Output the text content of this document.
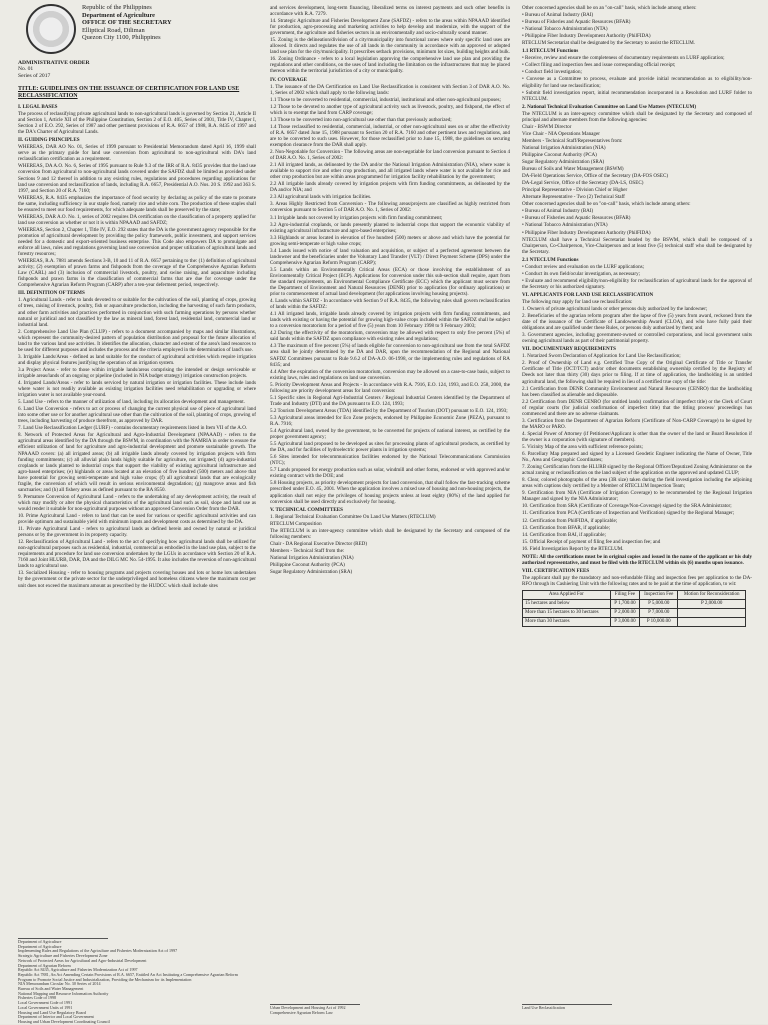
Republic of the Philippines
Department of Agriculture
OFFICE OF THE SECRETARY
Elliptical Road, Diliman
Quezon City 1100, Philippines
ADMINISTRATIVE ORDER
No. 01
Series of 2017
TITLE: GUIDELINES ON THE ISSUANCE OF CERTIFICATION FOR LAND USE RECLASSIFICATION
I. LEGAL BASES

The process of reclassifying private agricultural lands to non-agricultural lands is governed by Section 21, Article II and Section 1, Article XII of the Philippine Constitution, Section 2 of E.O. 405, Series of 2001, Title IV, Chapter I, Section 2 of E.O. 292, Series of 1987 and other pertinent provisions of R.A. 6657 of 1988, R.A. 8435 of 1997 and the DA's Charter of Agricultural Lands.

II. GUIDING PRINCIPLES

WHEREAS, DAR AO No. 01, Series of 1999 pursuant to Presidential Memorandum dated April 16, 1999 shall serve as the primary guide for land use conversion from agricultural to non-agricultural with DA's land reclassification certification as a requirement.

WHEREAS, DA A.O. No. 6, Series of 1995 pursuant to Rule 9.3 of the IRR of R.A. 8435 provides that the land use conversion from agricultural to non-agricultural lands covered under the SAFDZ shall be limited as provided under Sections 9 and 12 thereof in addition to any existing rules, regulations and procedures regarding applications for land use conversion and reclassification of lands, including R.A. 6657, Presidential A.O. Nos. 20 S. 1992 and 363 S. 1997, and Section 20 of R.A. 7160;

WHEREAS, R.A. 8435 emphasizes the importance of food security by declaring as policy of the state to promote the same, including sufficiency in our staple food, namely rice and white corn. The production of these staples shall be ensured to meet our food requirements, for which adequate lands shall be preserved by the state;

WHEREAS, DAR A.O. No. 1, series of 2002 requires DA certification on the classification of a property applied for land use conversion as whether or not it is within NPAAAD and SAFDZ;

WHEREAS, Section 2, Chapter 1, Title IV, E.O. 292 states that the DA is the government agency responsible for the promotion of agricultural development by providing the policy framework, public investment, and support services needed for a domestic and export-oriented business enterprise. This Code also empowers DA to promulgate and enforce all laws, rules and regulations governing land use conversion and proper utilization of agricultural lands and forestry resources;

WHEREAS, R.A. 7881 amends Sections 3-B, 10 and 11 of R.A. 6657 pertaining to the: (1) definition of agricultural activity; (2) exemption of prawn farms and fishponds from the coverage of the Comprehensive Agrarian Reform Law (CARL) and (3) inclusion of commercial livestock, poultry, and swine raising, and aquaculture including fishponds and prawn farms in the classification of commercial farms that are due for coverage under the Comprehensive Agrarian Reform Program (CARP) after a ten-year deferment period, respectively.

III. DEFINITION OF TERMS

1. Agricultural Lands - refer to lands devoted to or suitable for the cultivation of the soil, planting of crops, growing of trees, raising of livestock, poultry, fish or aquaculture production, including the harvesting of such farm products, and other farm activities and practices performed in conjunction with such farming operations by persons whether natural or juridical and not classified by the law as mineral land, forest land, residential land, commercial land or industrial land.

2. Comprehensive Land Use Plan (CLUP) - refers to a document accompanied by maps and similar illustrations, which represent the community-desired pattern of population distribution and proposal for the future allocation of land to the various land use activities. It identifies the allocation, character and extent of the area's land resources to be used for different purposes and includes the process and the criteria employed in the determination of land's use.

3. Irrigable Lands/Areas - defined as land suitable for the conduct of agricultural activities which require irrigation and display physical features justifying the operation of an irrigation system.

3.a Project Areas - refer to those within irrigable lands/areas comprising the intended or design serviceable or irrigable areas/lands of an ongoing or pipeline (included in NIA budget strategy) irrigation construction projects.

4. Irrigated Lands/Areas - refer to lands serviced by natural irrigation or irrigation facilities. These include lands where water is not readily available as existing irrigation facilities need rehabilitation or upgrading or where irrigation water is not available year-round.

5. Land Use - refers to the manner of utilization of land, including its allocation development and management.

6. Land Use Conversion - refers to act or process of changing the current physical use of piece of agricultural land into some other use or for another agricultural use other than the cultivation of the soil, planting of crops, growing of trees, including harvesting of produce therefrom, as approved by DAR.

7. Land Use Reclassification Ledger (LURF) - contains documentary requirements listed in Item VII of the A.O.

8. Network of Protected Areas for Agricultural and Agro-Industrial Development (NPAAAD) - refers to the agricultural areas identified by the DA through the BSWM, in coordination with the NAMRIA in order to ensure the efficient utilization of land for agriculture and agro-industrial development and promote sustainable growth. The NPAAAD covers: (a) all irrigated areas; (b) all irrigable lands already covered by irrigation projects with firm funding commitments; (c) all alluvial plain lands highly suitable for agriculture, not irrigated; (d) agro-industrial croplands or lands planted to industrial crops that support the viability of existing agricultural infrastructure and agro-based enterprises; (e) highlands or areas located at an elevation of five hundred (500) meters and above that have potential for growing semi-temperate and high value crops; (f) all agricultural lands that are ecologically fragile, the conversion of which will result in serious environmental degradation; (g) mangrove areas and fish sanctuaries; and (h) all fishery areas as defined pursuant to the RA 8550.

9. Premature Conversion of Agricultural Land - refers to the undertaking of any development activity, the result of which may modify or alter the physical characteristics of the agricultural land such as soil, slope and land use as would render it suitable for non-agricultural purposes without an approved Conversion Order from the DAR.

10. Prime Agricultural Land - refers to land that can be used for various or specific agricultural activities and can provide optimum and sustainable yield with minimum inputs and development costs as determined by the DA.

11. Private Agricultural Land - refers to agricultural lands as defined herein and owned by natural or juridical persons or by the government in its property capacity.

12. Reclassification of Agricultural Land - refers to the act of specifying how agricultural lands shall be utilized for non-agricultural purposes such as residential, industrial, commercial as embodied in the land use plan, subject to the requirements and procedure for land use conversion undertaken by the LGUs in accordance with Section 20 of R.A. 7160 and Joint HLURB, DAR, DA and the DILG MC No. 54-1995. It also includes the reversion of non-agricultural lands to agricultural use.

13. Socialized Housing - refer to housing programs and projects covering houses and lots or home lots undertaken by the government or the private sector for the underprivileged and homeless citizens where the maximum cost per unit does not exceed the maximum amount as prescribed by the HUDCC which shall include sites

and services development, long-term financing, liberalized terms on interest payments and such other benefits in accordance with R.A. 7279.

14. Strategic Agriculture and Fisheries Development Zone (SAFDZ) - refers to the areas within NPAAAD identified for production, agro-processing and marketing activities to help develop and modernize, with the support of the government, the agriculture and fisheries sectors in an environmentally and socio-culturally sound manner.

15. Zoning is the delineation/division of a city/municipality into functional zones where only specific land uses are allowed. It directs and regulates the use of all lands in the community in accordance with an approved or adopted land use plan for the city/municipality. It prescribes setback provisions, minimum lot sizes, building heights and bulk.

16. Zoning Ordinance - refers to a local legislation approving the comprehensive land use plan and providing the regulations and other conditions, on the uses of land including the limitation on the infrastructures that may be placed thereon within the territorial jurisdiction of a city or municipality.

IV. COVERAGE

1. The issuance of the DA Certification on Land Use Reclassification is consistent with Section 3 of DAR A.O. No. 1, Series of 2002 which shall apply to the following lands:

1.1 Those to be converted to residential, commercial, industrial, institutional and other non-agricultural purposes;

1.2 Those to be devoted to another type of agricultural activity such as livestock, poultry, and fishpond, the effect of which is to exempt the land from CARP coverage;

1.3 Those to be converted into non-agricultural use other than that previously authorized;

1.4 Those reclassified to residential, commercial, industrial, or other non-agricultural uses on or after the effectivity of R.A. 6657 dated June 15, 1988 pursuant to Section 20 of R.A. 7160 and other pertinent laws and regulations, and are to be converted to such uses. However, for those reclassified prior to June 15, 1988, the guidelines on securing exemption clearance from the DAR shall apply.

2. Non-Negotiable for Conversion - The following areas are non-negotiable for land conversion pursuant to Section 4 of DAR A.O. No. 1, Series of 2002:

2.1 All irrigated lands, as delineated by the DA and/or the National Irrigation Administration (NIA), where water is available to support rice and other crop production, and all irrigated lands where water is not available for rice and other crop production but are within areas programmed for irrigation facility rehabilitation by the government;

2.2 All irrigable lands already covered by irrigation projects with firm funding commitments, as delineated by the DA and/or NIA; and

2.3 All agricultural lands with irrigation facilities.

3. Areas Highly Restricted from Conversion - The following areas/projects are classified as highly restricted from conversion pursuant to Section 5 of DAR A.O. No. 1, Series of 2002:

3.1 Irrigable lands not covered by irrigation projects with firm funding commitment;

3.2 Agro-industrial croplands, or lands presently planted to industrial crops that support the economic viability of existing agricultural infrastructure and agro-based enterprises;

3.3 Highlands or areas located in elevation of five hundred (500) meters or above and which have the potential for growing semi-temperate or high value crops;

3.4 Lands issued with notice of land valuation and acquisition, or subject of a perfected agreement between the landowner and the beneficiaries under the Voluntary Land Transfer (VLT) / Direct Payment Scheme (DPS) under the Comprehensive Agrarian Reform Program (CARP);

3.5 Lands within an Environmentally Critical Areas (ECA) or those involving the establishment of an Environmentally Critical Project (ECP). Applications for conversion under this sub-section shall require, apart from the standard requirements, an Environmental Compliance Certificate (ECC) which the applicant must secure from the Department of Environment and Natural Resources (DENR) prior to application (for ordinary applications) or prior to commencement of actual land development (for applications involving housing projects).

4. Lands within SAFDZ - In accordance with Section 9 of R.A. 8435, the following rules shall govern reclassification of lands within the SAFDZ:

4.1 All irrigated lands, irrigable lands already covered by irrigation projects with firm funding commitments, and lands with existing or having the potential for growing high-value crops included within the SAFDZ shall be subject to a conversion moratorium for a period of five (5) years from 10 February 1998 to 9 February 2003;

4.2 During the effectivity of the moratorium, conversion may be allowed with respect to only five percent (5%) of said lands within the SAFDZ upon compliance with existing rules and regulations;

4.3 The maximum of five percent (5%) of lands eligible for conversion to non-agricultural use from the total SAFDZ area shall be jointly determined by the DA and DAR, upon the recommendation of the Regional and National SAFDZ Committees pursuant to Rule 9.6.2 of DA-A.O. 06-1998, or the implementing rules and regulations of RA 8435; and

4.4 After the expiration of the conversion moratorium, conversion may be allowed on a case-to-case basis, subject to existing laws, rules and regulations on land use conversion.

5. Priority Development Areas and Projects - In accordance with R.A. 7916, E.O. 124, 1993, and E.O. 258, 2000, the following are priority development areas for land conversion:

5.1 Specific sites in Regional Agri-Industrial Centers / Regional Industrial Centers identified by the Department of Trade and Industry (DTI) and the DA pursuant to E.O. 124, 1993;

5.2 Tourism Development Areas (TDA) identified by the Department of Tourism (DOT) pursuant to E.O. 124, 1993;

5.3 Agricultural areas intended for Eco Zone projects, endorsed by Philippine Economic Zone (PEZA), pursuant to R.A. 7916;

5.4 Agricultural land, owned by the government, to be converted for projects of national interest, as certified by the proper government agency;

5.5 Agricultural land proposed to be developed as sites for processing plants of agricultural products, as certified by the DA, and for facilities of hydroelectric power plants in irrigation systems;

5.6 Sites intended for telecommunication facilities endorsed by the National Telecommunications Commission (NTC);

5.7 Lands proposed for energy production such as solar, windmill and other forms, endorsed or with approved and/or existing contract with the DOE; and

5.8 Housing projects, as priority development projects for land conversion, that shall follow the fast-tracking scheme prescribed under E.O. 45, 2001. When the application involves a mixed use of housing and non-housing projects, the application shall not enjoy the privileges of housing projects unless at least eighty (80%) of the land applied for conversion shall be used directly and exclusively for housing.

V. TECHNICAL COMMITTEES

1. Regional Technical Evaluation Committee On Land Use Matters (RTECLUM)

RTECLUM Composition

The RTECLUM is an inter-agency committee which shall be designated by the Secretary and composed of the following members:

Chair - DA Regional Executive Director (RED)

Members - Technical Staff from the:

National Irrigation Administration (NIA)

Philippine Coconut Authority (PCA)

Sugar Regulatory Administration (SRA)

Other concerned agencies shall be on an "on-call" basis, which include among others:

• Bureau of Animal Industry (BAI)

• Bureau of Fisheries and Aquatic Resources (BFAR)

• National Tobacco Administration (NTA)

• Philippine Fiber Industry Development Authority (PhilFIDA)

RTECLUM Secretariat shall be designated by the Secretary to assist the RTECLUM.

1.1 RTECLUM Functions

• Receive, review and ensure the completeness of documentary requirements on LURF application;

• Collect filing and inspection fees and issue corresponding official receipt;

• Conduct field investigation;

• Convene as a Committee to process, evaluate and provide initial recommendation as to eligibility/non-eligibility for land use reclassification;

• Submit field investigation report, initial recommendation incorporated in a Resolution and LURF folder to NTECLUM.

2. National Technical Evaluation Committee on Land Use Matters (NTECLUM)

The NTECLUM is an inter-agency committee which shall be designated by the Secretary and composed of principal and alternate members from the following agencies:

Chair - BSWM Director

Vice Chair - NIA Operations Manager

Members - Technical Staff/Representatives from:

National Irrigation Administration (NIA)

Philippine Coconut Authority (PCA)

Sugar Regulatory Administration (SRA)

Bureau of Soils and Water Management (BSWM)

DA-Field Operations Service, Office of the Secretary (DA-FOS OSEC)

DA-Legal Service, Office of the Secretary (DA-LS, OSEC)

Principal Representative - Division Chief or Higher

Alternate Representative - Two (2) Technical Staff

Other concerned agencies shall be on "on-call" basis, which include among others:

• Bureau of Animal Industry (BAI)

• Bureau of Fisheries and Aquatic Resources (BFAR)

• National Tobacco Administration (NTA)

• Philippine Fiber Industry Development Authority (PhilFIDA)

NTECLUM shall have a Technical Secretariat headed by the BSWM, which shall be composed of a Chairperson, Co-Chairperson, Vice-Chairperson and at least five (5) technical staff who shall be designated by the Secretary.

2.1 NTECLUM Functions

• Conduct review and evaluation on the LURF applications;

• Conduct its own field/ocular investigation, as necessary;

• Evaluate and recommend eligibility/non-eligibility for reclassification of agricultural lands for the approval of the Secretary or his authorized signatory.

VI. APPLICANTS FOR LAND USE RECLASSIFICATION

The following may apply for land use reclassification:

1. Owner/s of private agricultural lands or other persons duly authorized by the landowner;

2. Beneficiaries of the agrarian reform program after the lapse of five (5) years from award, reckoned from the date of the issuance of the Certificate of Landownership Award (CLOA), and who have fully paid their obligations and are qualified under these Rules, or persons duly authorized by them; and

3. Government agencies, including government-owned or controlled corporations, and local government units owning agricultural lands as part of their patrimonial property.

VII. DOCUMENTARY REQUIREMENTS

1. Notarized Sworn Declaration of Application for Land Use Reclassification;

2. Proof of Ownership of Land e.g. Certified True Copy of the Original Certificate of Title or Transfer Certificate of Title (OCT/TCT) and/or other documents establishing ownership certified by the Registry of Deeds not later than thirty (30) days prior to filing. If at time of application, the landholding is an untitled agricultural land, the following shall be required in lieu of a certified true copy of the title:

2.1 Certification from DENR Community Environment and Natural Resources (CENRO) that the landholding has been classified as alienable and disposable.

2.2 Certification from DENR CENRO (for untitled lands) confirmation of imperfect title) or the Clerk of Court of regular courts (for judicial confirmation of imperfect title) that the titling process/ proceedings has commenced and there are no adverse claimants.

3. Certification from the Department of Agrarian Reform (Certificate of Non-CARP Coverage) to be signed by the MARO or PARO.

4. Special Power of Attorney (if Petitioner/Applicant is other than the owner of the land or Board Resolution if the owner is a corporation (with signature of members).

5. Vicinity Map of the area with sufficient reference points;

6. Parcellary Map prepared and signed by a Licensed Geodetic Engineer indicating the Name of Owner, Title No., Area and Geographic Coordinates;

7. Zoning Certification from the HLURB signed by the Regional Officer/Deputized Zoning Administrator on the actual zoning or reclassification on the land subject of the application on the approved and updated CLUP;

8. Clear, colored photographs of the area (3R size) taken during the field investigation including the adjoining areas with captions duly certified by a Member of RTECLUM Inspection Team;

9. Certification from NIA (Certificate of Irrigation Coverage) to be recommended by the Regional Irrigation Manager and signed by the NIA Administrator;

10. Certification from SRA (Certificate of Coverage/Non-Coverage) signed by the SRA Administrator;

11. Certification from PCA (Certificate of Inspection and Verification) signed by the Regional Manager;

12. Certification from PhilFIDA, if applicable;

13. Certification from BFAR, if applicable;

14. Certification from BAI, if applicable;

15. Official Receipt of payment of filing fee and inspection fee; and

16. Field Investigation Report by the RTECLUM.

NOTE: All the certifications must be in original copies and issued in the name of the applicant or his duly authorized representative, and must be filed with the RTECLUM within six (6) months upon issuance.
VIII. CERTIFICATION FEES

The applicant shall pay the mandatory and non-refundable filing and inspection fees per application to the DA-RFO through its Cashiering Unit with the following rates and to be paid at the time of application, to wit:

Area Applied For	Filing Fee	Inspection Fee	Motion for Reconsideration
15 hectares and below	P 1,700.00	P 5,000.00	P 2,000.00
More than 15 hectares to 30 hectares	P 2,000.00	P 7,000.00	
More than 30 hectares	P 3,000.00	P 10,000.00	
Department of Agriculture
Department of Agriculture
Implementing Rules and Regulations of the Agriculture and Fisheries Modernization Act of 1997
Strategic Agriculture and Fisheries Development Zone
Network of Protected Areas for Agricultural and Agro-Industrial Development
Department of Agrarian Reform
Republic Act 8435, Agriculture and Fisheries Modernization Act of 1997
Republic Act 7881, An Act Amending Certain Provisions of R.A. 6657, Entitled An Act Instituting a Comprehensive Agrarian Reform
Program to Promote Social Justice and Industrialization, Providing the Mechanism for its Implementation
NIA Memorandum Circular No. 30 Series of 2014
Bureau of Soils and Water Management
National Mapping and Resource Information Authority
Fisheries Code of 1998
Local Government Code of 1991
Local Government Units of 1991
Housing and Land Use Regulatory Board
Department of Interior and Local Government
Housing and Urban Development Coordinating Council
Urban Development and Housing Act of 1992
Comprehensive Agrarian Reform Law
Land Use Reclassification
